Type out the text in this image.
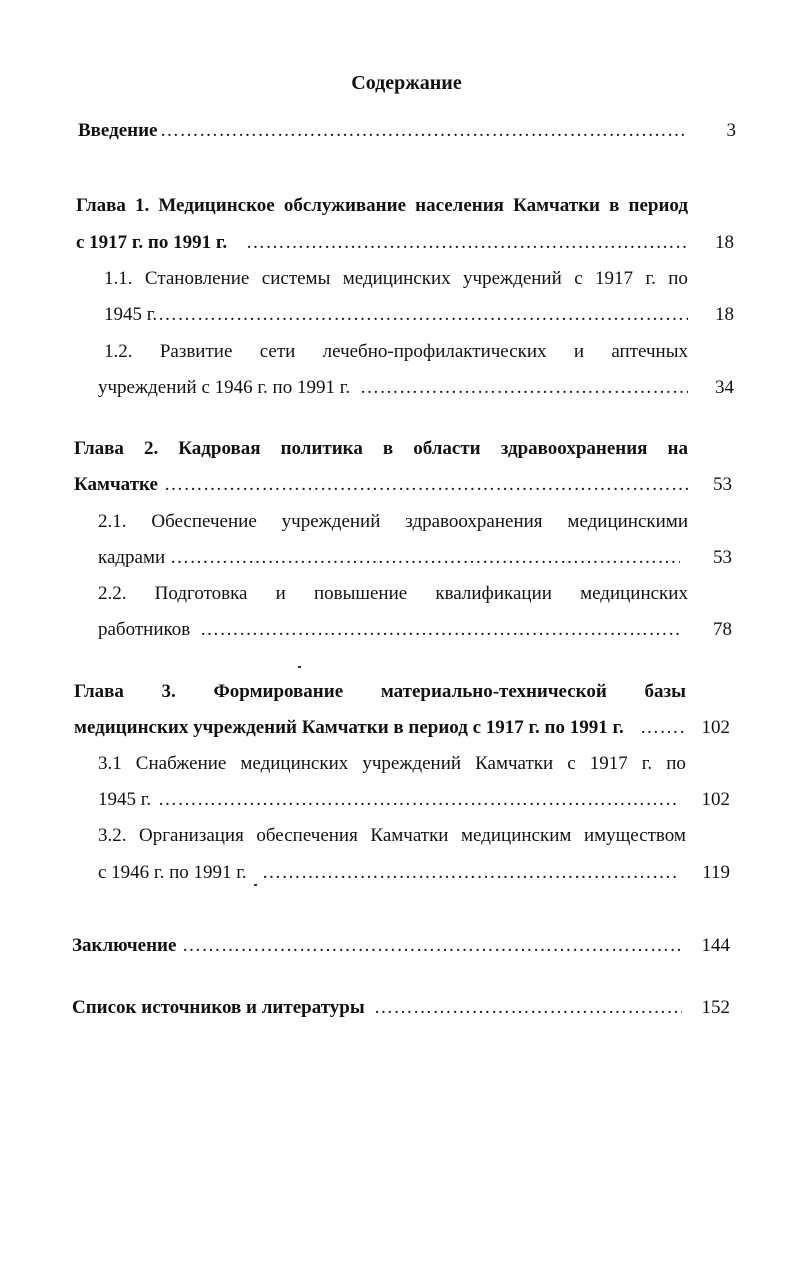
Содержание
Введение ………………………………………………………………………………………………………………………………………………	3
Глава 1. Медицинское обслуживание населения Камчатки в период
с 1917 г. по 1991 г. ………………………………………………………………………………………………………………………………………………	18
1.1. Становление системы медицинских учреждений с 1917 г. по
1945 г. ………………………………………………………………………………………………………………………………………………	18
1.2. Развитие сети лечебно-профилактических и аптечных
учреждений с 1946 г. по 1991 г. ………………………………………………………………………………………………………………………………………………	34
Глава 2. Кадровая политика в области здравоохранения на
Камчатке ………………………………………………………………………………………………………………………………………………	53
2.1. Обеспечение учреждений здравоохранения медицинскими
кадрами ………………………………………………………………………………………………………………………………………………	53
2.2. Подготовка и повышение квалификации медицинских
работников ………………………………………………………………………………………………………………………………………………	78
Глава 3. Формирование материально-технической базы
медицинских учреждений Камчатки в период с 1917 г. по 1991 г. ………………………………………………………………………………………………………………………………………………	102
3.1 Снабжение медицинских учреждений Камчатки с 1917 г. по
1945 г. ………………………………………………………………………………………………………………………………………………	102
3.2. Организация обеспечения Камчатки медицинским имуществом
с 1946 г. по 1991 г. ………………………………………………………………………………………………………………………………………………	119
Заключение ………………………………………………………………………………………………………………………………………………	144
Список источников и литературы ………………………………………………………………………………………………………………………………………………	152
